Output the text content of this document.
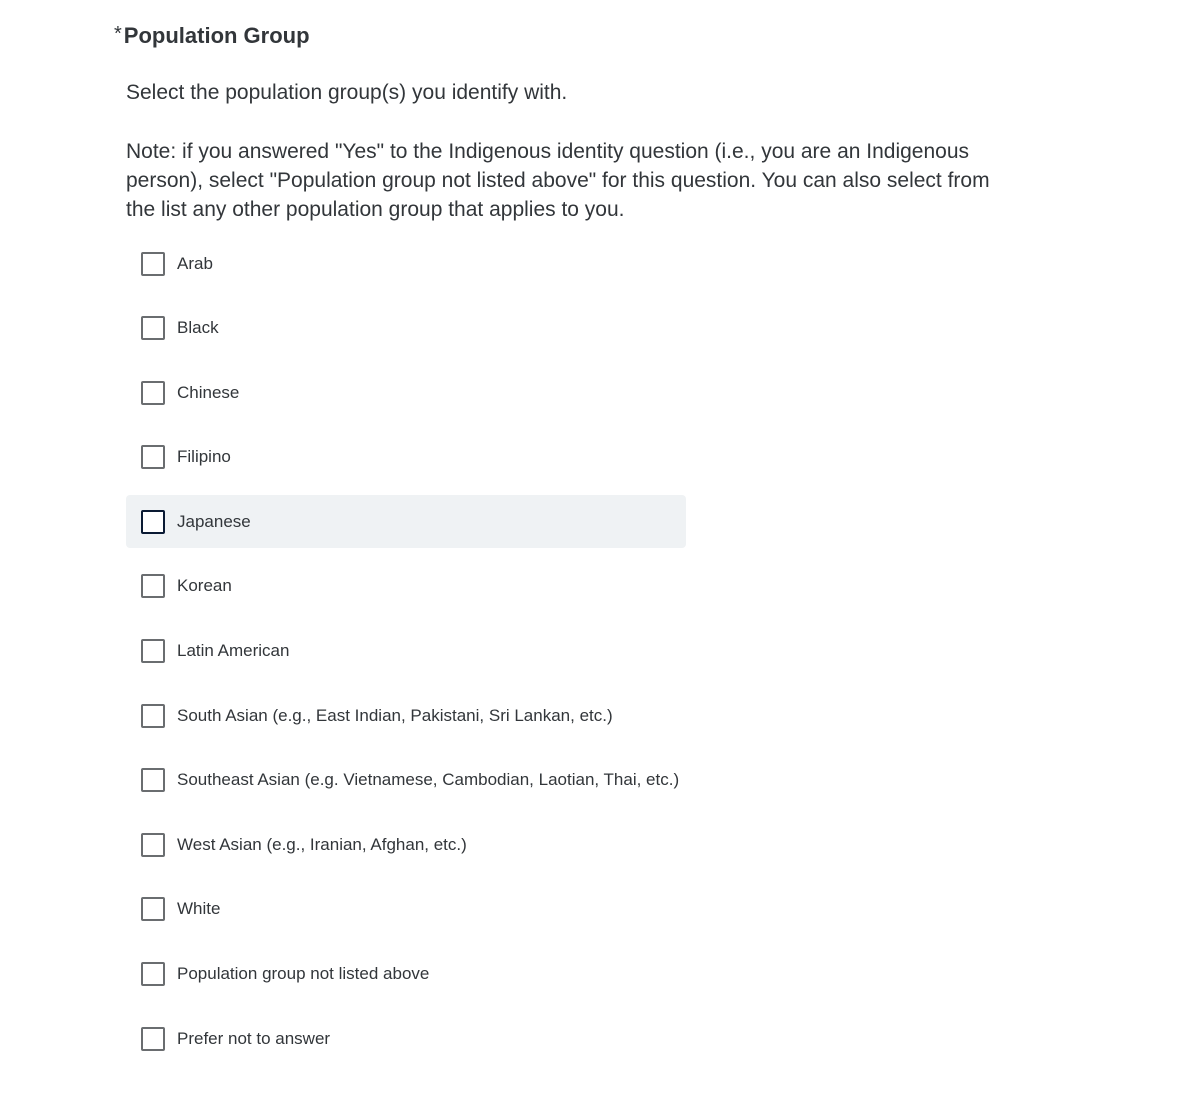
* Population Group

Select the population group(s) you identify with.

Note: if you answered "Yes" to the Indigenous identity question (i.e., you are an Indigenous person), select "Population group not listed above" for this question. You can also select from the list any other population group that applies to you.

Arab
Black
Chinese
Filipino
Japanese
Korean
Latin American
South Asian (e.g., East Indian, Pakistani, Sri Lankan, etc.)
Southeast Asian (e.g. Vietnamese, Cambodian, Laotian, Thai, etc.)
West Asian (e.g., Iranian, Afghan, etc.)
White
Population group not listed above
Prefer not to answer
